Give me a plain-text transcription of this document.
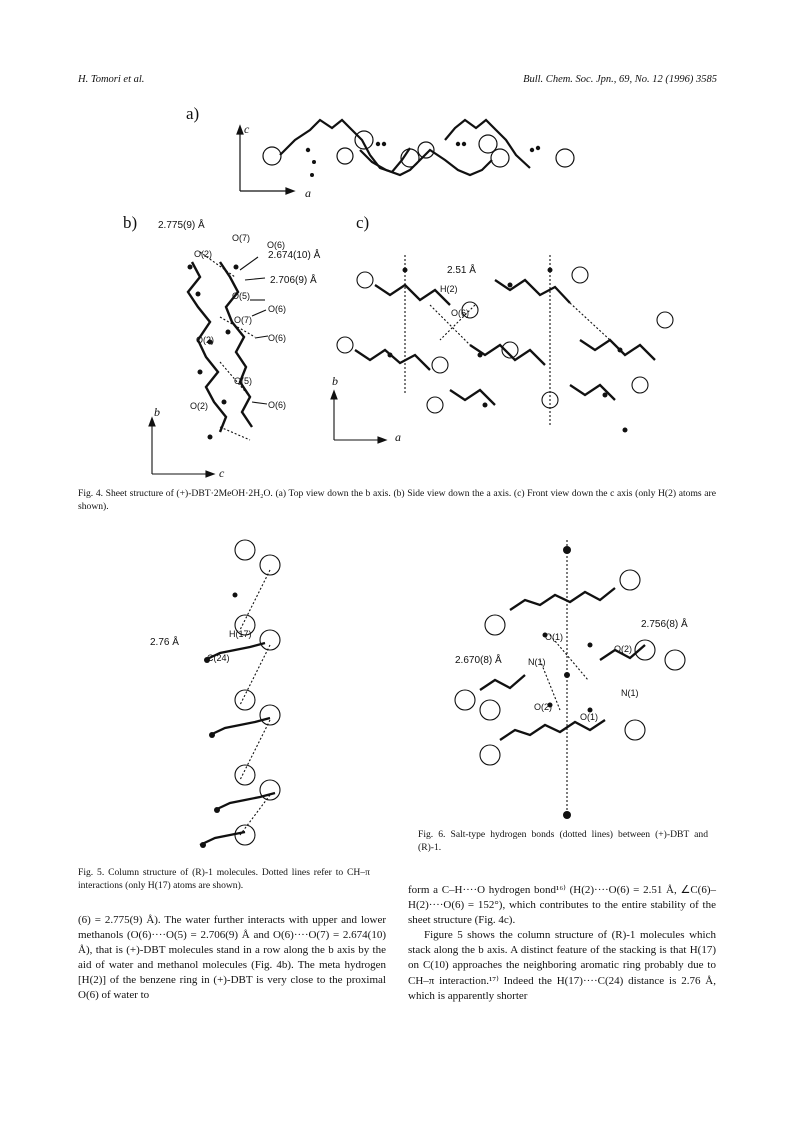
H. Tomori et al.	Bull. Chem. Soc. Jpn., 69, No. 12 (1996) 3585
a)
c
a
b) 2.775(9) Å
O(7)
O(6)
2.674(10) Å
O(2)
2.706(9) Å
O(5)
O(6)
O(7)
O(2)	O(6)
O(5)
O(2)	O(6)
b
c
c)
2.51 Å
H(2)
O(6)
b
a
Fig. 4. Sheet structure of (+)-DBT·2MeOH·2H₂O. (a) Top view down the b axis. (b) Side view down the a axis. (c) Front view down the c axis (only H(2) atoms are shown).
2.76 Å
H(17)
C(24)
Fig. 5. Column structure of (R)-1 molecules. Dotted lines refer to CH–π interactions (only H(17) atoms are shown).
2.756(8) Å
O(1)
O(2)
2.670(8) Å	N(1)
N(1)
O(2)
O(1)
Fig. 6. Salt-type hydrogen bonds (dotted lines) between (+)-DBT and (R)-1.

(6) = 2.775(9) Å). The water further interacts with upper and lower methanols (O(6)····O(5) = 2.706(9) Å and O(6)····O(7) = 2.674(10) Å), that is (+)-DBT molecules stand in a row along the b axis by the aid of water and methanol molecules (Fig. 4b). The meta hydrogen [H(2)] of the benzene ring in (+)-DBT is very close to the proximal O(6) of water to

form a C–H····O hydrogen bond¹⁶⁾ (H(2)····O(6) = 2.51 Å, ∠C(6)–H(2)····O(6) = 152°), which contributes to the entire stability of the sheet structure (Fig. 4c).

Figure 5 shows the column structure of (R)-1 molecules which stack along the b axis. A distinct feature of the stacking is that H(17) on C(10) approaches the neighboring aromatic ring probably due to CH–π interaction.¹⁷⁾ Indeed the H(17)····C(24) distance is 2.76 Å, which is apparently shorter
